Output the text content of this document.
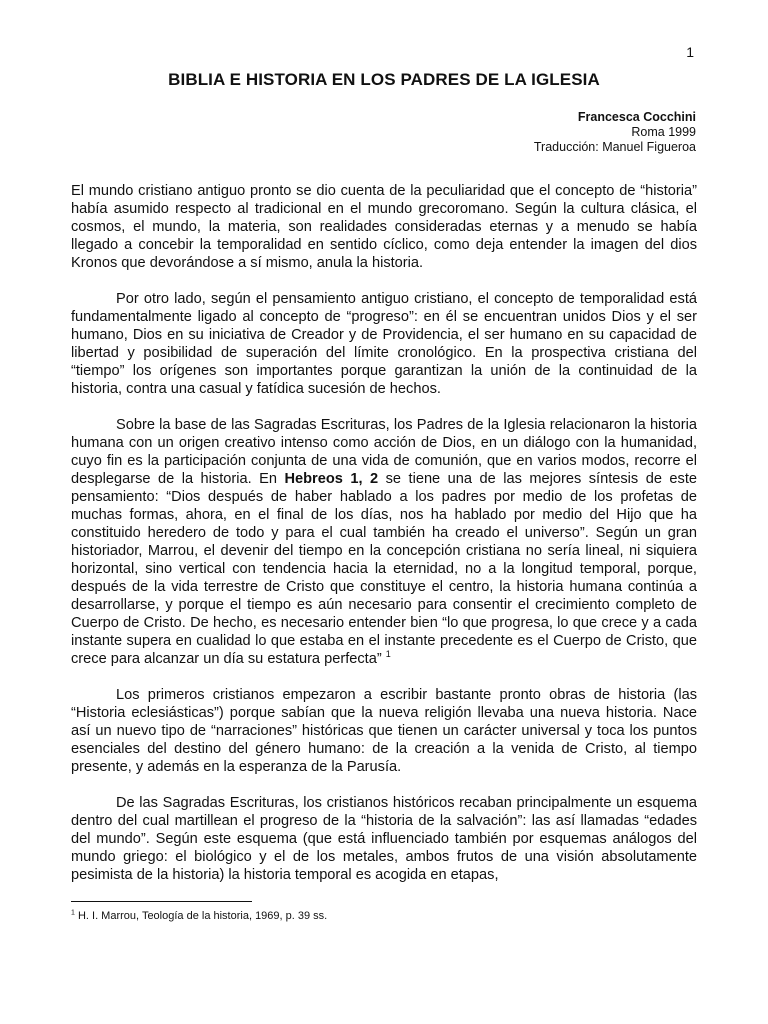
1
BIBLIA E HISTORIA EN LOS PADRES DE LA IGLESIA
Francesca Cocchini
Roma 1999
Traducción: Manuel Figueroa

El mundo cristiano antiguo pronto se dio cuenta de la peculiaridad que el concepto de “historia” había asumido respecto al tradicional en el mundo grecoromano. Según la cultura clásica, el cosmos, el mundo, la materia, son realidades consideradas eternas y a menudo se había llegado a concebir la temporalidad en sentido cíclico, como deja entender la imagen del dios Kronos que devorándose a sí mismo, anula la historia.

Por otro lado, según el pensamiento antiguo cristiano, el concepto de temporalidad está fundamentalmente ligado al concepto de “progreso”: en él se encuentran unidos Dios y el ser humano, Dios en su iniciativa de Creador y de Providencia, el ser humano en su capacidad de libertad y posibilidad de superación del límite cronológico. En la prospectiva cristiana del “tiempo” los orígenes son importantes porque garantizan la unión de la continuidad de la historia, contra una casual y fatídica sucesión de hechos.

Sobre la base de las Sagradas Escrituras, los Padres de la Iglesia relacionaron la historia humana con un origen creativo intenso como acción de Dios, en un diálogo con la humanidad, cuyo fin es la participación conjunta de una vida de comunión, que en varios modos, recorre el desplegarse de la historia. En Hebreos 1, 2 se tiene una de las mejores síntesis de este pensamiento: “Dios después de haber hablado a los padres por medio de los profetas de muchas formas, ahora, en el final de los días, nos ha hablado por medio del Hijo que ha constituido heredero de todo y para el cual también ha creado el universo”. Según un gran historiador, Marrou, el devenir del tiempo en la concepción cristiana no sería lineal, ni siquiera horizontal, sino vertical con tendencia hacia la eternidad, no a la longitud temporal, porque, después de la vida terrestre de Cristo que constituye el centro, la historia humana continúa a desarrollarse, y porque el tiempo es aún necesario para consentir el crecimiento completo de Cuerpo de Cristo. De hecho, es necesario entender bien “lo que progresa, lo que crece y a cada instante supera en cualidad lo que estaba en el instante precedente es el Cuerpo de Cristo, que crece para alcanzar un día su estatura perfecta” $^1$

Los primeros cristianos empezaron a escribir bastante pronto obras de historia (las “Historia eclesiásticas”) porque sabían que la nueva religión llevaba una nueva historia. Nace así un nuevo tipo de “narraciones” históricas que tienen un carácter universal y toca los puntos esenciales del destino del género humano: de la creación a la venida de Cristo, al tiempo presente, y además en la esperanza de la Parusía.

De las Sagradas Escrituras, los cristianos históricos recaban principalmente un esquema dentro del cual martillean el progreso de la “historia de la salvación”: las así llamadas “edades del mundo”. Según este esquema (que está influenciado también por esquemas análogos del mundo griego: el biológico y el de los metales, ambos frutos de una visión absolutamente pesimista de la historia) la historia temporal es acogida en etapas,

$^1$ H. I. Marrou, Teología de la historia, 1969, p. 39 ss.
